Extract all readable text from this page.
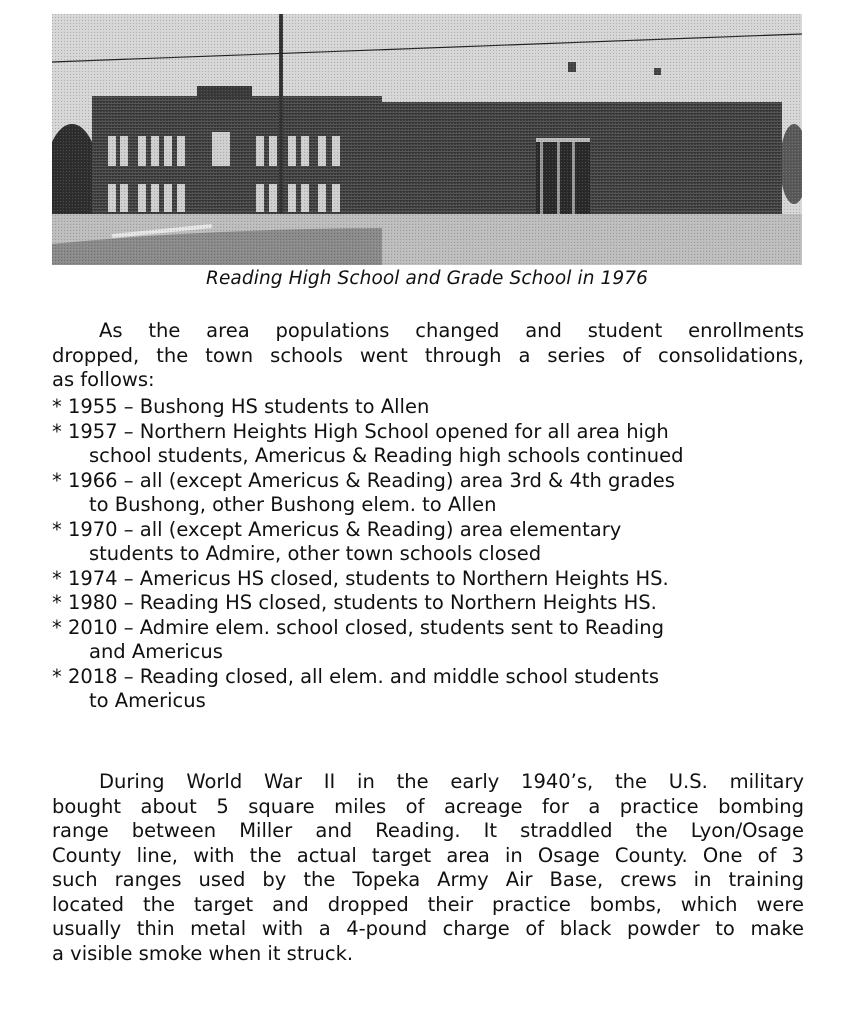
Reading High School and Grade School in 1976

As the area populations changed and student enrollments
dropped, the town schools went through a series of consolidations,
as follows:

* 1955 – Bushong HS students to Allen
* 1957 – Northern Heights High School opened for all area high
school students, Americus & Reading high schools continued
* 1966 – all (except Americus & Reading) area 3rd & 4th grades
to Bushong, other Bushong elem. to Allen
* 1970 – all (except Americus & Reading) area elementary
students to Admire, other town schools closed
* 1974 – Americus HS closed, students to Northern Heights HS.
* 1980 – Reading HS closed, students to Northern Heights HS.
* 2010 – Admire elem. school closed, students sent to Reading
and Americus
* 2018 – Reading closed, all elem. and middle school students
to Americus

During World War II in the early 1940’s, the U.S. military
bought about 5 square miles of acreage for a practice bombing
range between Miller and Reading. It straddled the Lyon/Osage
County line, with the actual target area in Osage County. One of 3
such ranges used by the Topeka Army Air Base, crews in training
located the target and dropped their practice bombs, which were
usually thin metal with a 4-pound charge of black powder to make
a visible smoke when it struck.
